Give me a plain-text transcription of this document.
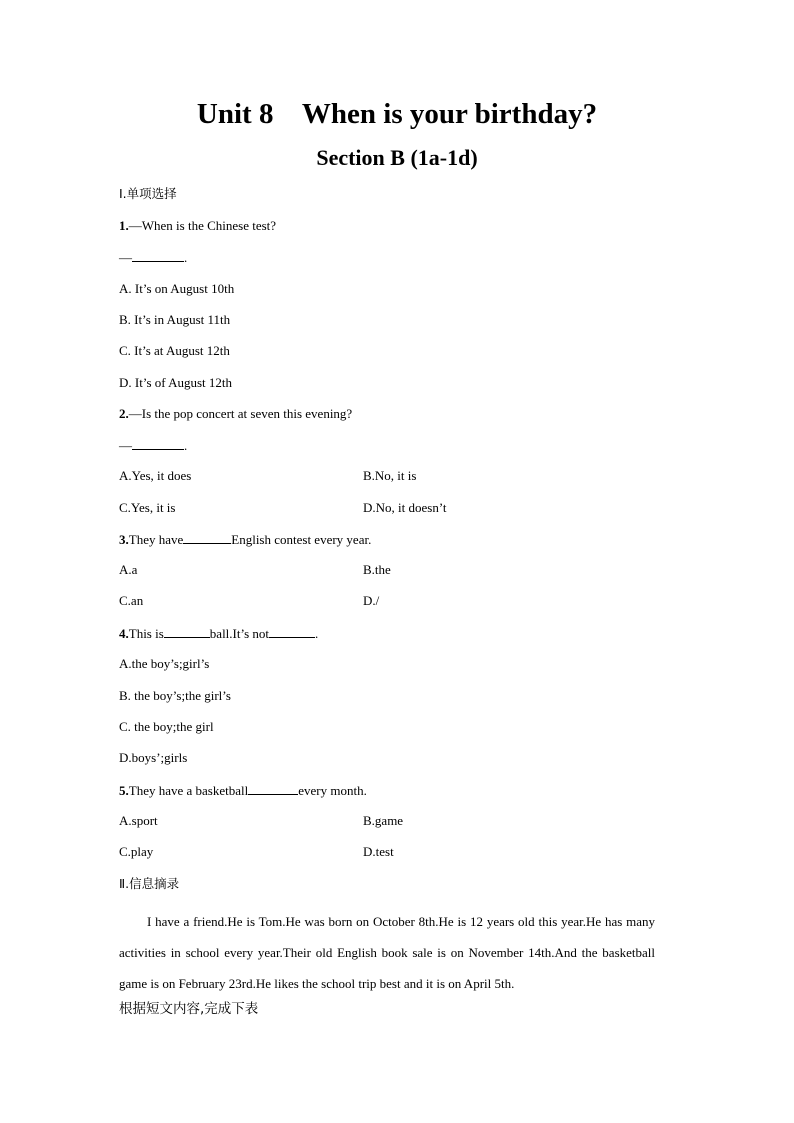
Unit 8    When is your birthday?
Section B (1a-1d)
Ⅰ.单项选择
1.—When is the Chinese test?
—	.
A. It’s on August 10th
B. It’s in August 11th
C. It’s at August 12th
D. It’s of August 12th
2.—Is the pop concert at seven this evening?
—	.
A.Yes, it does	B.No, it is
C.Yes, it is	D.No, it doesn’t
3.They have	English contest every year.
A.a	B.the
C.an	D./
4.This is	ball.It’s not	.
A.the boy’s;girl’s
B. the boy’s;the girl’s
C. the boy;the girl
D.boys’;girls
5.They have a basketball	every month.
A.sport	B.game
C.play	D.test
Ⅱ.信息摘录

I have a friend.He is Tom.He was born on October 8th.He is 12 years old this year.He has many activities in school every year.Their old English book sale is on November 14th.And the basketball game is on February 23rd.He likes the school trip best and it is on April 5th.

根据短文内容,完成下表
